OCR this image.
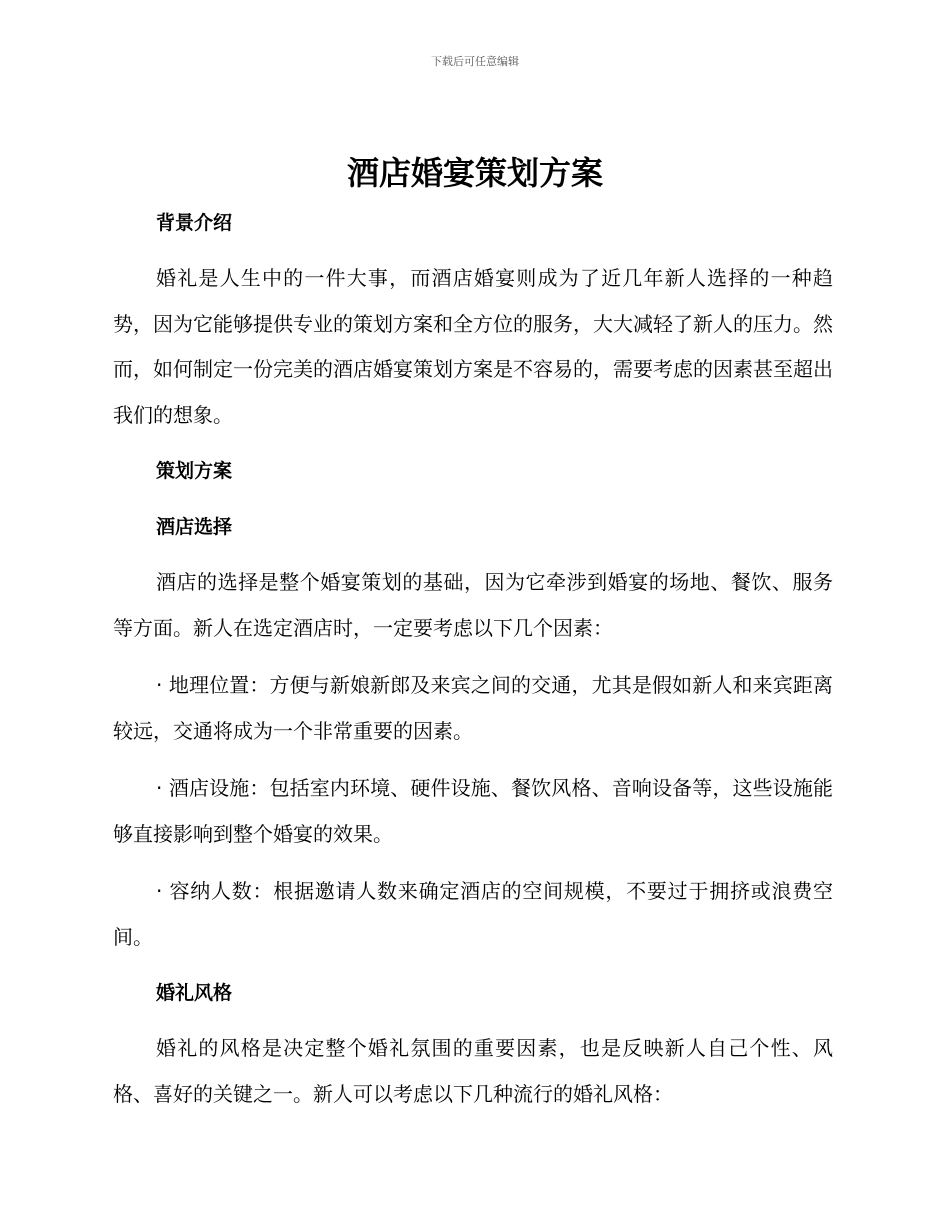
下载后可任意编辑
酒店婚宴策划方案
背景介绍

婚礼是人生中的一件大事，而酒店婚宴则成为了近几年新人选择的一种趋势，因为它能够提供专业的策划方案和全方位的服务，大大减轻了新人的压力。然而，如何制定一份完美的酒店婚宴策划方案是不容易的，需要考虑的因素甚至超出我们的想象。

策划方案
酒店选择

酒店的选择是整个婚宴策划的基础，因为它牵涉到婚宴的场地、餐饮、服务等方面。新人在选定酒店时，一定要考虑以下几个因素：

· 地理位置：方便与新娘新郎及来宾之间的交通，尤其是假如新人和来宾距离较远，交通将成为一个非常重要的因素。

· 酒店设施：包括室内环境、硬件设施、餐饮风格、音响设备等，这些设施能够直接影响到整个婚宴的效果。

· 容纳人数：根据邀请人数来确定酒店的空间规模，不要过于拥挤或浪费空间。

婚礼风格

婚礼的风格是决定整个婚礼氛围的重要因素，也是反映新人自己个性、风格、喜好的关键之一。新人可以考虑以下几种流行的婚礼风格：
